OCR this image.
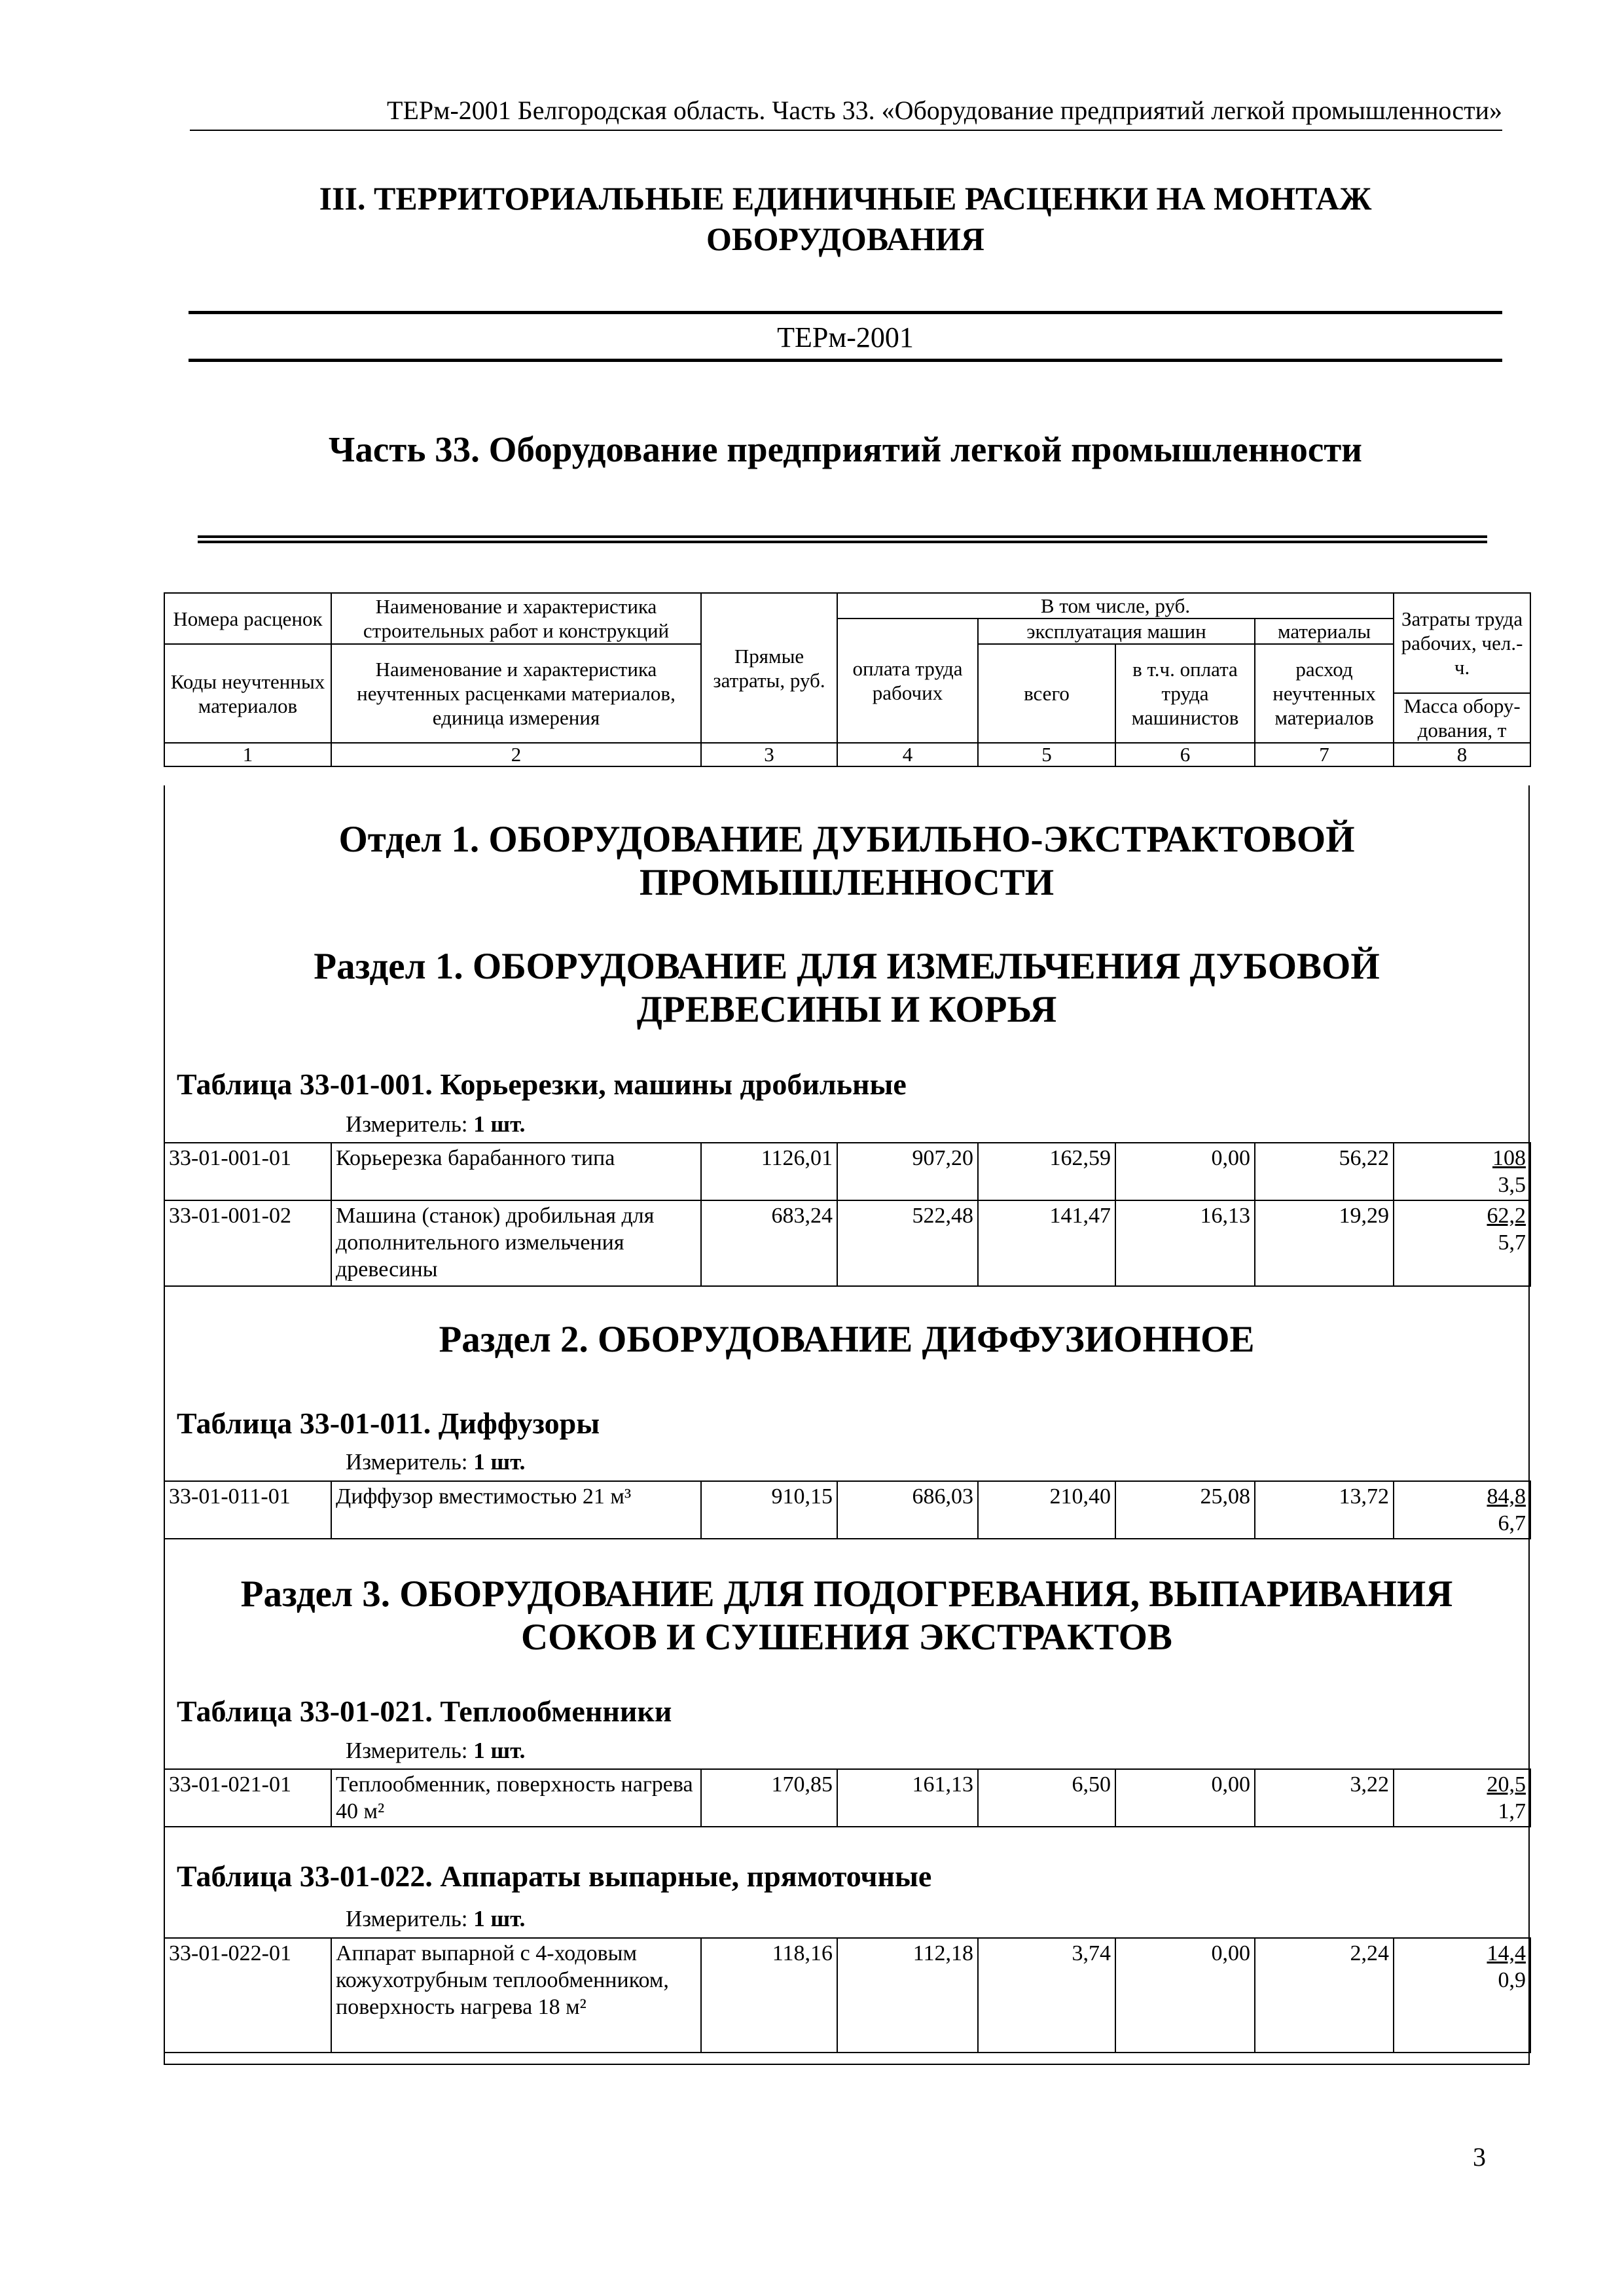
ТЕРм-2001 Белгородская область. Часть 33. «Оборудование предприятий легкой промышленности»
III. ТЕРРИТОРИАЛЬНЫЕ ЕДИНИЧНЫЕ РАСЦЕНКИ НА МОНТАЖ
ОБОРУДОВАНИЯ
ТЕРм-2001
Часть 33. Оборудование предприятий легкой промышленности
Номера расценок	Наименование и характеристика строительных работ и конструкций	Прямые затраты, руб.	В том числе, руб.				Затраты труда рабочих, чел.-ч.
			оплата труда рабочих	эксплуатация машин		материалы	
Коды неучтенных материалов	Наименование и характеристика неучтенных расценками материалов, единица измерения			всего	в т.ч. оплата труда машинистов	расход неучтенных материалов	
							Масса обору-дования, т
1	2	3	4	5	6	7	8
Отдел 1. ОБОРУДОВАНИЕ ДУБИЛЬНО-ЭКСТРАКТОВОЙ
ПРОМЫШЛЕННОСТИ
Раздел 1. ОБОРУДОВАНИЕ ДЛЯ ИЗМЕЛЬЧЕНИЯ ДУБОВОЙ
ДРЕВЕСИНЫ И КОРЬЯ
Таблица 33-01-001. Корьерезки, машины дробильные
Измеритель: 1 шт.
33-01-001-01	Корьерезка барабанного типа	1126,01	907,20	162,59	0,00	56,22	108
3,5

33-01-001-02	Машина (станок) дробильная для дополнительного измельчения древесины	683,24	522,48	141,47	16,13	19,29	62,2
5,7
Раздел 2. ОБОРУДОВАНИЕ ДИФФУЗИОННОЕ
Таблица 33-01-011. Диффузоры
Измеритель: 1 шт.
33-01-011-01	Диффузор вместимостью 21 м³	910,15	686,03	210,40	25,08	13,72	84,8
6,7
Раздел 3. ОБОРУДОВАНИЕ ДЛЯ ПОДОГРЕВАНИЯ, ВЫПАРИВАНИЯ
СОКОВ И СУШЕНИЯ ЭКСТРАКТОВ
Таблица 33-01-021. Теплообменники
Измеритель: 1 шт.
33-01-021-01	Теплообменник, поверхность нагрева 40 м²	170,85	161,13	6,50	0,00	3,22	20,5
1,7
Таблица 33-01-022. Аппараты выпарные, прямоточные
Измеритель: 1 шт.
33-01-022-01	Аппарат выпарной с 4-ходовым кожухотрубным теплообменником, поверхность нагрева 18 м²	118,16	112,18	3,74	0,00	2,24	14,4
0,9
3
